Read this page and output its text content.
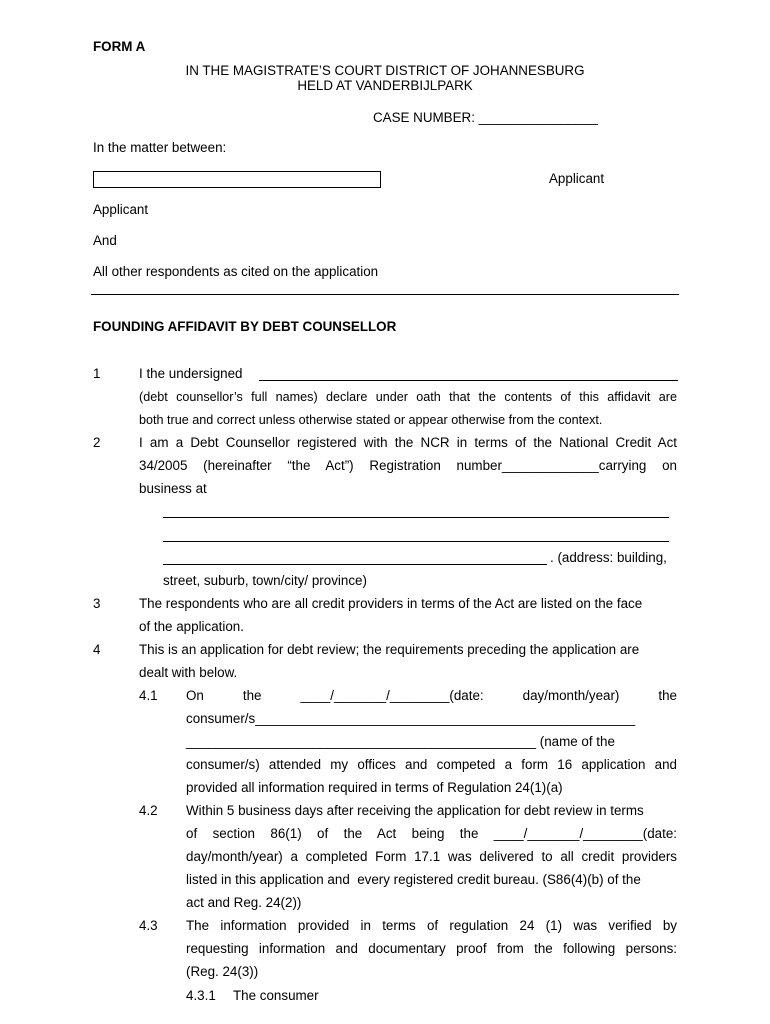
FORM A
IN THE MAGISTRATE’S COURT DISTRICT OF JOHANNESBURG
HELD AT VANDERBIJLPARK
CASE NUMBER: ________________
In the matter between:
Applicant
Applicant
And
All other respondents as cited on the application
FOUNDING AFFIDAVIT BY DEBT COUNSELLOR
1	I the undersigned
(debt counsellor’s full names) declare under oath that the contents of this affidavit are
both true and correct unless otherwise stated or appear otherwise from the context.
2	I am a Debt Counsellor registered with the NCR in terms of the National Credit Act
34/2005 (hereinafter “the Act”) Registration number_____________carrying on
business at
. (address: building,
street, suburb, town/city/ province)
3	The respondents who are all credit providers in terms of the Act are listed on the face
of the application.
4	This is an application for debt review; the requirements preceding the application are
dealt with below.
4.1 On     the     ____/_______/________(date:     day/month/year)     the
consumer/s___________________________________________________
_______________________________________________ (name of the
consumer/s) attended my offices and competed a form 16 application and
provided all information required in terms of Regulation 24(1)(a)
4.2 Within 5 business days after receiving the application for debt review in terms
of section 86(1) of the Act being the ____/_______/________(date:
day/month/year) a completed Form 17.1 was delivered to all credit providers
listed in this application and  every registered credit bureau. (S86(4)(b) of the
act and Reg. 24(2))
4.3 The information provided in terms of regulation 24 (1) was verified by
requesting information and documentary proof from the following persons:
(Reg. 24(3))
4.3.1 The consumer
